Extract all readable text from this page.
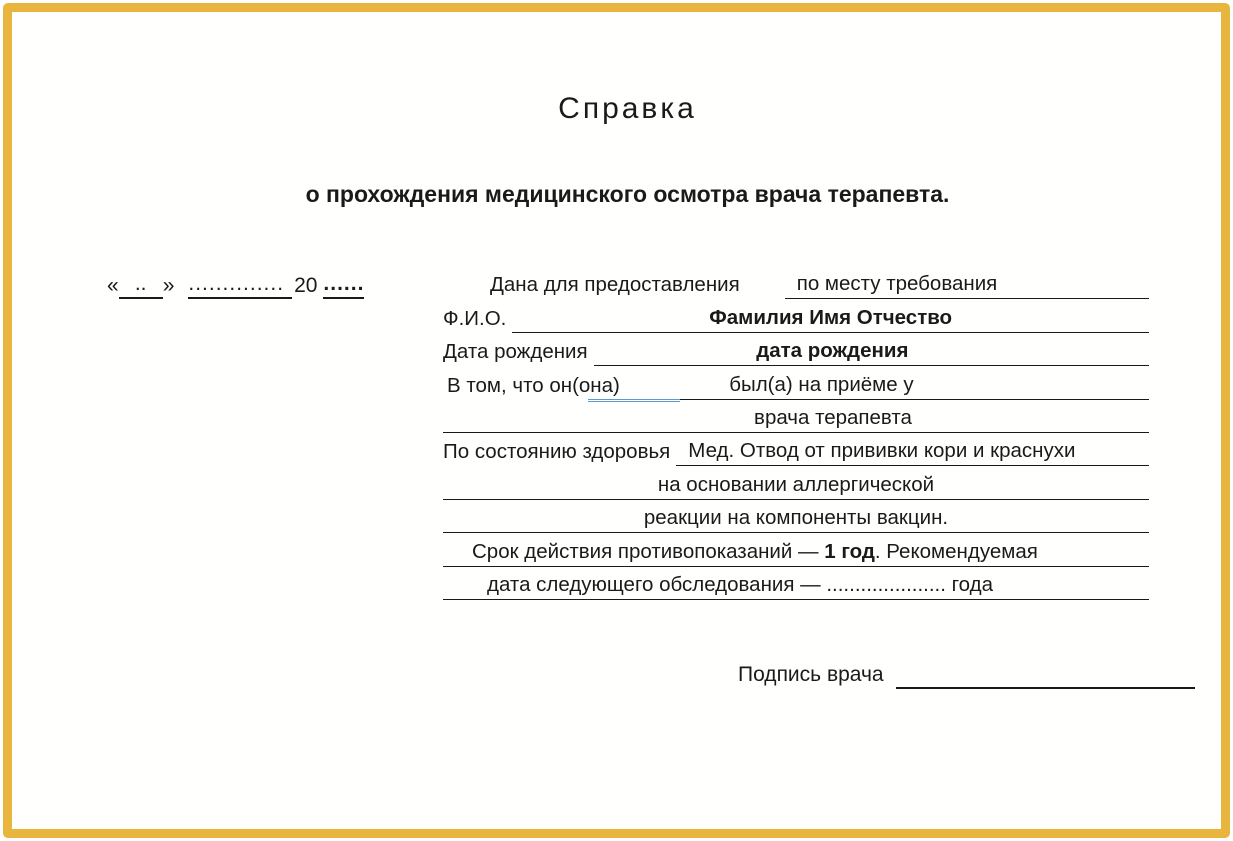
Справка
о прохождения медицинского осмотра врача терапевта.
« .. » .............. 20 ......	Дана для предоставления	по месту требования
Ф.И.О.	Фамилия Имя Отчество
Дата рождения	дата рождения
В том, что он (она)	был(а) на приёме у
врача терапевта
По состоянию здоровья Мед. Отвод от прививки кори и краснухи
на основании аллергической
реакции на компоненты вакцин.
Срок действия противопоказаний — 1 год. Рекомендуемая
дата следующего обследования — ..................... года
Подпись врача
